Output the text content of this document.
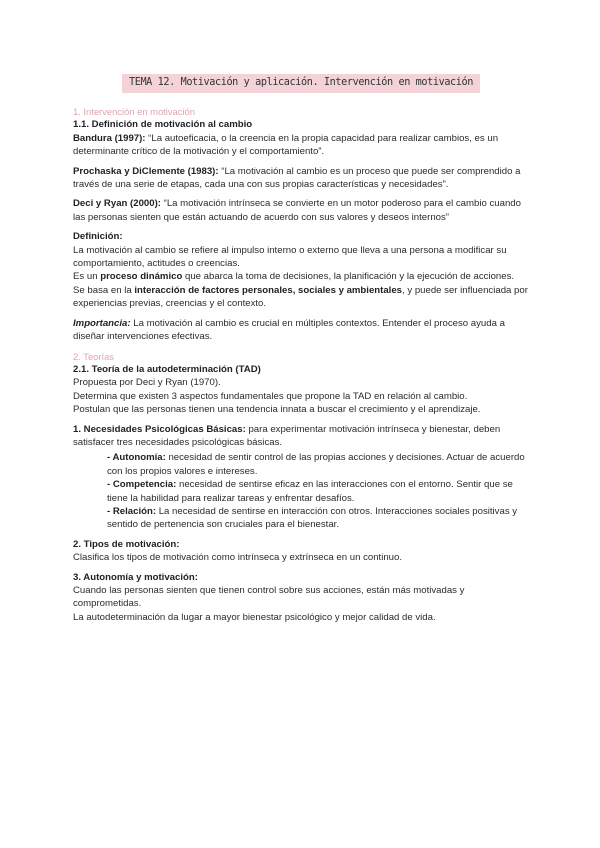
TEMA 12. Motivación y aplicación. Intervención en motivación
1. Intervención en motivación
1.1. Definición de motivación al cambio

Bandura (1997): “La autoeficacia, o la creencia en la propia capacidad para realizar cambios, es un determinante crítico de la motivación y el comportamiento”.

Prochaska y DiClemente (1983): “La motivación al cambio es un proceso que puede ser comprendido a través de una serie de etapas, cada una con sus propias características y necesidades”.

Deci y Ryan (2000): “La motivación intrínseca se convierte en un motor poderoso para el cambio cuando las personas sienten que están actuando de acuerdo con sus valores y deseos internos”

Definición:

La motivación al cambio se refiere al impulso interno o externo que lleva a una persona a modificar su comportamiento, actitudes o creencias.

Es un proceso dinámico que abarca la toma de decisiones, la planificación y la ejecución de acciones.

Se basa en la interacción de factores personales, sociales y ambientales, y puede ser influenciada por experiencias previas, creencias y el contexto.

Importancia: La motivación al cambio es crucial en múltiples contextos. Entender el proceso ayuda a diseñar intervenciones efectivas.

2. Teorías
2.1. Teoría de la autodeterminación (TAD)

Propuesta por Deci y Ryan (1970).

Determina que existen 3 aspectos fundamentales que propone la TAD en relación al cambio.

Postulan que las personas tienen una tendencia innata a buscar el crecimiento y el aprendizaje.

1. Necesidades Psicológicas Básicas: para experimentar motivación intrínseca y bienestar, deben satisfacer tres necesidades psicológicas básicas.

- Autonomía: necesidad de sentir control de las propias acciones y decisiones. Actuar de acuerdo con los propios valores e intereses.

- Competencia: necesidad de sentirse eficaz en las interacciones con el entorno. Sentir que se tiene la habilidad para realizar tareas y enfrentar desafíos.

- Relación: La necesidad de sentirse en interacción con otros. Interacciones sociales positivas y sentido de pertenencia son cruciales para el bienestar.

2. Tipos de motivación:

Clasifica los tipos de motivación como intrínseca y extrínseca en un continuo.

3. Autonomía y motivación:

Cuando las personas sienten que tienen control sobre sus acciones, están más motivadas y comprometidas.

La autodeterminación da lugar a mayor bienestar psicológico y mejor calidad de vida.
